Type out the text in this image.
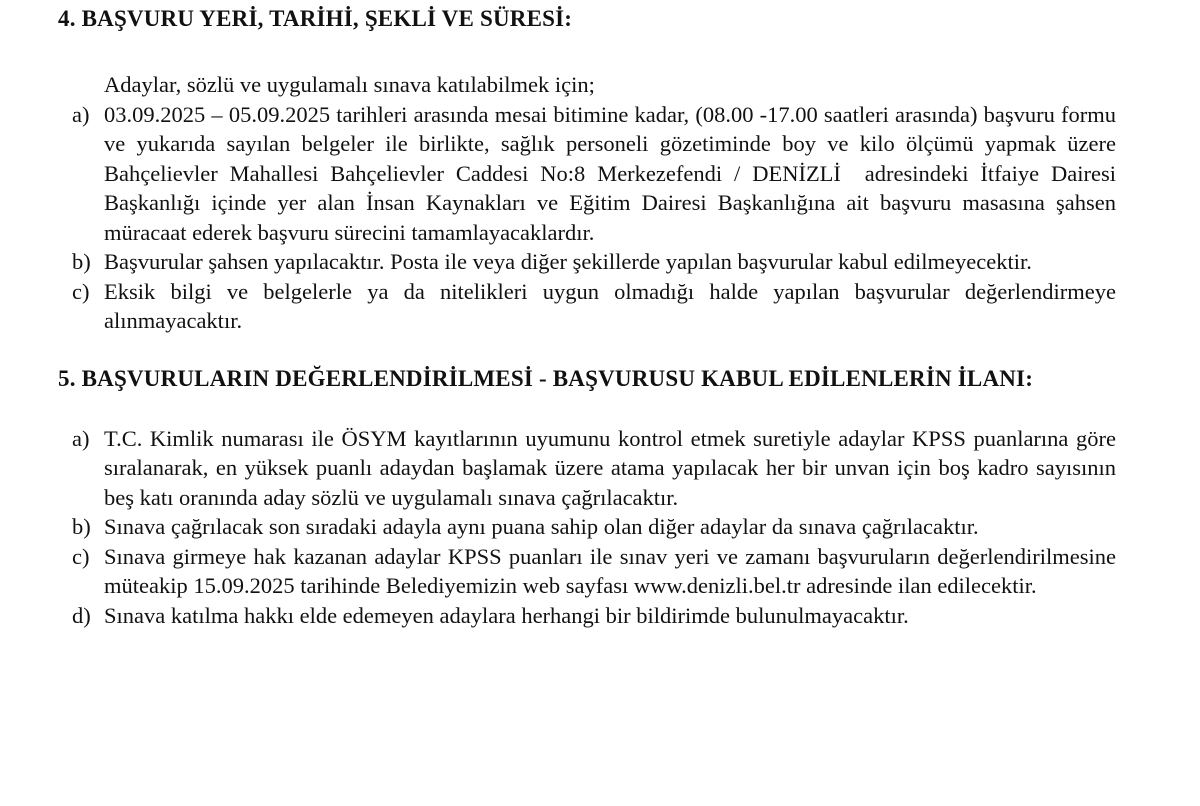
4. BAŞVURU YERİ, TARİHİ, ŞEKLİ VE SÜRESİ:
Adaylar, sözlü ve uygulamalı sınava katılabilmek için;
a) 03.09.2025 – 05.09.2025 tarihleri arasında mesai bitimine kadar, (08.00 -17.00 saatleri arasında) başvuru formu ve yukarıda sayılan belgeler ile birlikte, sağlık personeli gözetiminde boy ve kilo ölçümü yapmak üzere Bahçelievler Mahallesi Bahçelievler Caddesi No:8 Merkezefendi / DENİZLİ  adresindeki İtfaiye Dairesi Başkanlığı içinde yer alan İnsan Kaynakları ve Eğitim Dairesi Başkanlığına ait başvuru masasına şahsen müracaat ederek başvuru sürecini tamamlayacaklardır.
b) Başvurular şahsen yapılacaktır. Posta ile veya diğer şekillerde yapılan başvurular kabul edilmeyecektir.
c) Eksik bilgi ve belgelerle ya da nitelikleri uygun olmadığı halde yapılan başvurular değerlendirmeye alınmayacaktır.
5. BAŞVURULARIN DEĞERLENDİRİLMESİ - BAŞVURUSU KABUL EDİLENLERİN İLANI:
a) T.C. Kimlik numarası ile ÖSYM kayıtlarının uyumunu kontrol etmek suretiyle adaylar KPSS puanlarına göre sıralanarak, en yüksek puanlı adaydan başlamak üzere atama yapılacak her bir unvan için boş kadro sayısının beş katı oranında aday sözlü ve uygulamalı sınava çağrılacaktır.
b) Sınava çağrılacak son sıradaki adayla aynı puana sahip olan diğer adaylar da sınava çağrılacaktır.
c) Sınava girmeye hak kazanan adaylar KPSS puanları ile sınav yeri ve zamanı başvuruların değerlendirilmesine müteakip 15.09.2025 tarihinde Belediyemizin web sayfası www.denizli.bel.tr adresinde ilan edilecektir.
d) Sınava katılma hakkı elde edemeyen adaylara herhangi bir bildirimde bulunulmayacaktır.
